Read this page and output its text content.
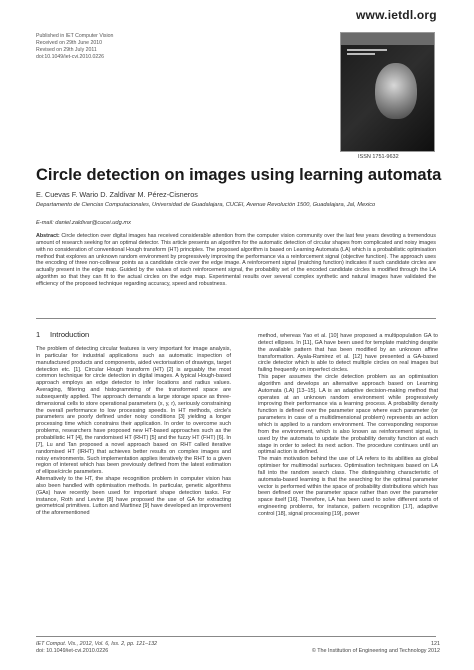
www.ietdl.org
Published in IET Computer Vision
Received on 29th June 2010
Revised on 29th July 2011
doi:10.1049/iet-cvi.2010.0226
ISSN 1751-9632
Circle detection on images using learning automata
E. Cuevas F. Wario D. Zaldivar M. Pérez-Cisneros
Departamento de Ciencias Computacionales, Universidad de Guadalajara, CUCEI, Avenue Revolución 1500, Guadalajara, Jal, Mexico
E-mail: daniel.zaldivar@cucei.udg.mx
Abstract: Circle detection over digital images has received considerable attention from the computer vision community over the last few years devoting a tremendous amount of research seeking for an optimal detector. This article presents an algorithm for the automatic detection of circular shapes from complicated and noisy images with no consideration of conventional Hough transform (HT) principles. The proposed algorithm is based on Learning Automata (LA) which is a probabilistic optimisation method that explores an unknown random environment by progressively improving the performance via a reinforcement signal (objective function). The approach uses the encoding of three non-collinear points as a candidate circle over the edge image. A reinforcement signal (matching function) indicates if such candidate circles are actually present in the edge map. Guided by the values of such reinforcement signal, the probability set of the encoded candidate circles is modified through the LA algorithm so that they can fit to the actual circles on the edge map. Experimental results over several complex synthetic and natural images have validated the efficiency of the proposed technique regarding accuracy, speed and robustness.
1 Introduction
The problem of detecting circular features is very important for image analysis, in particular for industrial applications such as automatic inspection of manufactured products and components, aided vectorisation of drawings, target detection etc. [1]. Circular Hough transform (HT) [2] is arguably the most common technique for circle detection in digital images. A typical Hough-based approach employs an edge detector to infer locations and radius values. Averaging, filtering and histogramming of the transformed space are subsequently applied. The approach demands a large storage space as three-dimensional cells to store operational parameters (x, y, r), seriously constraining the overall performance to low processing speeds. In HT methods, circle's parameters are poorly defined under noisy conditions [3] yielding a longer processing time which constrains their application. In order to overcome such problems, researchers have proposed new HT-based approaches such as the probabilistic HT [4], the randomised HT (RHT) [5] and the fuzzy HT (FHT) [6]. In [7], Lu and Tan proposed a novel approach based on RHT called iterative randomised HT (IRHT) that achieves better results on complex images and noisy environments. Such implementation applies iteratively the RHT to a given region of interest which has been previously defined from the latest estimation of ellipse/circle parameters.
Alternatively to the HT, the shape recognition problem in computer vision has also been handled with optimisation methods. In particular, genetic algorithms (GAs) have recently been used for important shape detection tasks. For instance, Roth and Levine [8] have proposed the use of GA for extracting geometrical primitives. Lutton and Martinez [9] have developed an improvement of the aforementioned
method, whereas Yao et al. [10] have proposed a multipopulation GA to detect ellipses. In [11], GA have been used for template matching despite the available pattern that has been modified by an unknown affine transformation. Ayala-Ramirez et al. [12] have presented a GA-based circle detector which is able to detect multiple circles on real images but failing frequently on imperfect circles.
This paper assumes the circle detection problem as an optimisation algorithm and develops an alternative approach based on Learning Automata (LA) [13–15]. LA is an adaptive decision-making method that operates at an unknown random environment while progressively improving their performance via a learning process. A probability density function is defined over the parameter space where each parameter (or parameters in case of a multidimensional problem) represents an action which is applied to a random environment. The corresponding response from the environment, which is also known as reinforcement signal, is used by the automata to update the probability density function at each stage in order to select its next action. The procedure continues until an optimal action is defined.
The main motivation behind the use of LA refers to its abilities as global optimiser for multimodal surfaces. Optimisation techniques based on LA fall into the random search class. The distinguishing characteristic of automata-based learning is that the searching for the optimal parameter vector is performed within the space of probability distributions which has been defined over the parameter space rather than over the parameter space itself [16]. Therefore, LA has been used to solve different sorts of engineering problems, for instance, pattern recognition [17], adaptive control [18], signal processing [19], power
IET Comput. Vis., 2012, Vol. 6, Iss. 2, pp. 121–132
doi: 10.1049/iet-cvi.2010.0226
121
© The Institution of Engineering and Technology 2012
